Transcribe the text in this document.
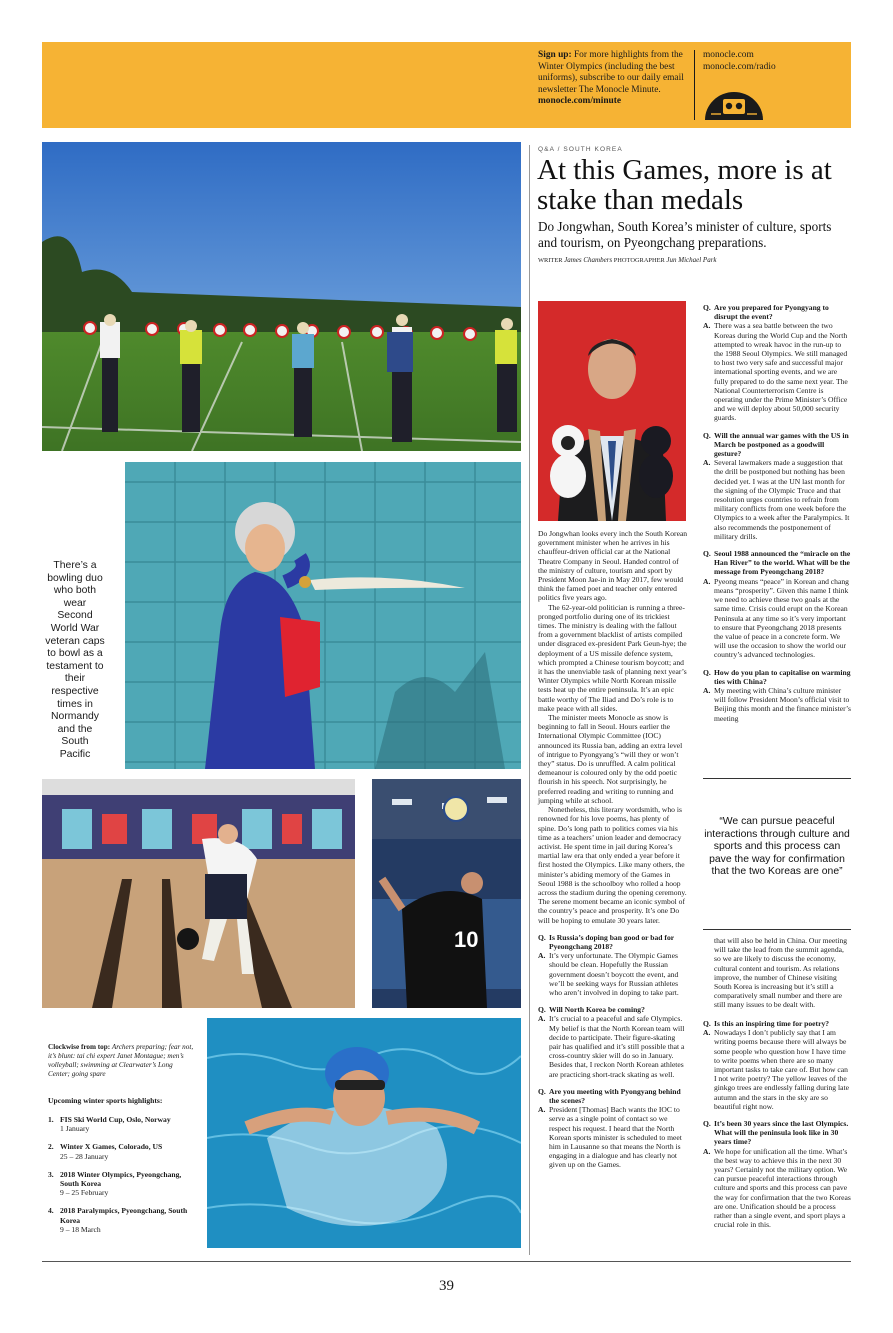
Sign up: For more highlights from the Winter Olympics (including the best uniforms), subscribe to our daily email newsletter The Monocle Minute. monocle.com/minute
monocle.com
monocle.com/radio
10
There’s a bowling duo who both wear Second World War veteran caps to bowl as a testament to their respective times in Normandy and the South Pacific
Clockwise from top: Archers preparing; fear not, it’s blunt: tai chi expert Janet Montague; men’s volleyball; swimming at Clearwater’s Long Center; going spare
Upcoming winter sports highlights:
1. FIS Ski World Cup, Oslo, Norway
1 January
2. Winter X Games, Colorado, US
25 – 28 January
3. 2018 Winter Olympics, Pyeongchang, South Korea
9 – 25 February
4. 2018 Paralympics, Pyeongchang, South Korea
9 – 18 March
Q&A / SOUTH KOREA
At this Games, more is at stake than medals
Do Jongwhan, South Korea’s minister of culture, sports and tourism, on Pyeongchang preparations.
WRITER James Chambers PHOTOGRAPHER Jun Michael Park

Do Jongwhan looks every inch the South Korean government minister when he arrives in his chauffeur-driven official car at the National Theatre Company in Seoul. Handed control of the ministry of culture, tourism and sport by President Moon Jae-in in May 2017, few would think the famed poet and teacher only entered politics five years ago.

The 62-year-old politician is running a three-pronged portfolio during one of its trickiest times. The ministry is dealing with the fallout from a government blacklist of artists compiled under disgraced ex-president Park Geun-hye; the deployment of a US missile defence system, which prompted a Chinese tourism boycott; and it has the unenviable task of planning next year’s Winter Olympics while North Korean missile tests heat up the entire peninsula. It’s an epic battle worthy of The Iliad and Do’s role is to make peace with all sides.

The minister meets Monocle as snow is beginning to fall in Seoul. Hours earlier the International Olympic Committee (IOC) announced its Russia ban, adding an extra level of intrigue to Pyongyang’s “will they or won’t they” status. Do is unruffled. A calm political demeanour is coloured only by the odd poetic flourish in his speech. Not surprisingly, he preferred reading and writing to running and jumping while at school.

Nonetheless, this literary wordsmith, who is renowned for his love poems, has plenty of spine. Do’s long path to politics comes via his time as a teachers’ union leader and democracy activist. He spent time in jail during Korea’s martial law era that only ended a year before it first hosted the Olympics. Like many others, the minister’s abiding memory of the Games in Seoul 1988 is the schoolboy who rolled a hoop across the stadium during the opening ceremony. The serene moment became an iconic symbol of the country’s peace and prosperity. It’s one Do will be hoping to emulate 30 years later.

Q. Is Russia’s doping ban good or bad for Pyeongchang 2018?
A. It’s very unfortunate. The Olympic Games should be clean. Hopefully the Russian government doesn’t boycott the event, and we’ll be seeking ways for Russian athletes who aren’t involved in doping to take part.
Q. Will North Korea be coming?
A. It’s crucial to a peaceful and safe Olympics. My belief is that the North Korean team will decide to participate. Their figure-skating pair has qualified and it’s still possible that a cross-country skier will do so in January. Besides that, I reckon North Korean athletes are practicing short-track skating as well.
Q. Are you meeting with Pyongyang behind the scenes?
A. President [Thomas] Bach wants the IOC to serve as a single point of contact so we respect his request. I heard that the North Korean sports minister is scheduled to meet him in Lausanne so that means the North is engaging in a dialogue and has clearly not given up on the Games.
Q. Are you prepared for Pyongyang to disrupt the event?
A. There was a sea battle between the two Koreas during the World Cup and the North attempted to wreak havoc in the run-up to the 1988 Seoul Olympics. We still managed to host two very safe and successful major international sporting events, and we are fully prepared to do the same next year. The National Counterterrorism Centre is operating under the Prime Minister’s Office and we will deploy about 50,000 security guards.
Q. Will the annual war games with the US in March be postponed as a goodwill gesture?
A. Several lawmakers made a suggestion that the drill be postponed but nothing has been decided yet. I was at the UN last month for the signing of the Olympic Truce and that resolution urges countries to refrain from military conflicts from one week before the Olympics to a week after the Paralympics. It also recommends the postponement of military drills.
Q. Seoul 1988 announced the “miracle on the Han River” to the world. What will be the message from Pyeongchang 2018?
A. Pyeong means “peace” in Korean and chang means “prosperity”. Given this name I think we need to achieve these two goals at the same time. Crisis could erupt on the Korean Peninsula at any time so it’s very important to ensure that Pyeongchang 2018 presents the value of peace in a concrete form. We will use the occasion to show the world our country’s advanced technologies.
Q. How do you plan to capitalise on warming ties with China?
A. My meeting with China’s culture minister will follow President Moon’s official visit to Beijing this month and the finance minister’s meeting
“We can pursue peaceful interactions through culture and sports and this process can pave the way for confirmation that the two Koreas are one”

that will also be held in China. Our meeting will take the lead from the summit agenda, so we are likely to discuss the economy, cultural content and tourism. As relations improve, the number of Chinese visiting South Korea is increasing but it’s still a comparatively small number and there are still many issues to be dealt with.

Q. Is this an inspiring time for poetry?
A. Nowadays I don’t publicly say that I am writing poems because there will always be some people who question how I have time to write poems when there are so many important tasks to take care of. But how can I not write poetry? The yellow leaves of the ginkgo trees are endlessly falling during late autumn and the stars in the sky are so beautiful right now.
Q. It’s been 30 years since the last Olympics. What will the peninsula look like in 30 years time?
A. We hope for unification all the time. What’s the best way to achieve this in the next 30 years? Certainly not the military option. We can pursue peaceful interactions through culture and sports and this process can pave the way for confirmation that the two Koreas are one. Unification should be a process rather than a single event, and sport plays a crucial role in this.
39
